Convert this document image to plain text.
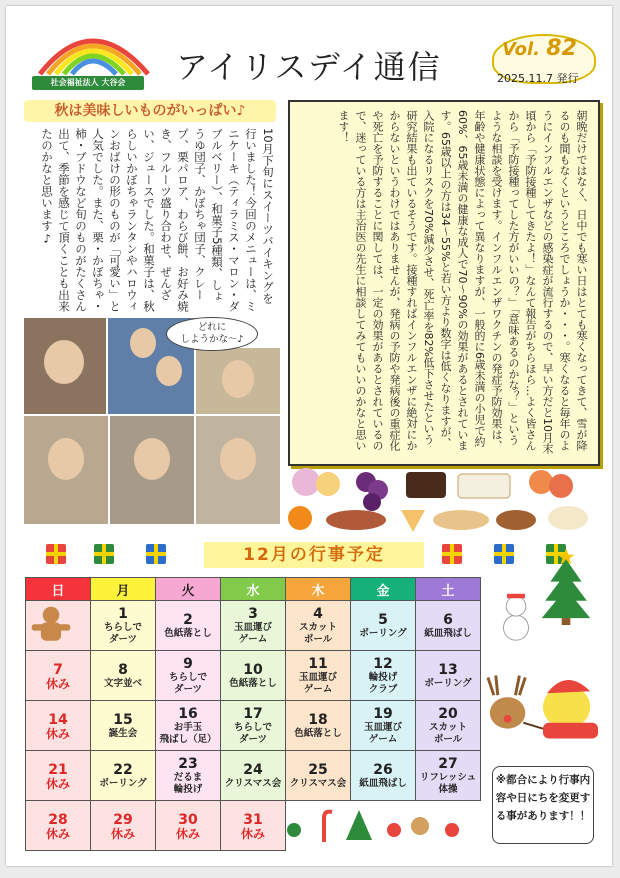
社会福祉法人 大谷会	アイリスデイ通信	Vol. 82
2025.11.7 発行
秋は美味しいものがいっぱい♪
10月下旬にスイーツバイキングを行いました！今回のメニューは、ミニケーキ（ティラミス・マロン・ダブルベリー）、和菓子5種類、しょうゆ団子、かぼちゃ団子、クレープ、栗パロア、わらび餅、お好み焼き、フルーツ盛り合わせ、ぜんざい、ジュースでした。和菓子は、秋らしいかぼちゃランタンやハロウィンおばけの形のものが「可愛い」と人気でした。また、栗・かぼちゃ・柿・ブドウなど旬のものがたくさん出て、季節を感じて頂くことも出来たのかなと思います♪	朝晩だけではなく、日中でも寒い日はとても寒くなってきて、雪が降るのも間もなくというところでしょうか・・・。寒くなると毎年のようにインフルエンザなどの感染症が流行するので、早い方だと10月末頃から「予防接種してきたよ！」なんて報告がちらほら…よく皆さんから「予防接種ってした方がいいの？」「意味あるのかな？」というような相談を受けます。インフルエンザワクチンの発症予防効果は、年齢や健康状態によって異なりますが、一般的に6歳未満の小児で約60%、65歳未満の健康な成人で70～90%の効果があるとされています。65歳以上の方は34～55%と若い方より数字は低くなりますが、入院になるリスクを70%減少させ、死亡率を82%低下させたという研究結果も出ているそうです。接種すればインフルエンザに絶対にかからないというわけではありませんが、発病の予防や発病後の重症化や死亡を予防することに関しては、一定の効果があるとされているので、迷っている方は主治医の先生に相談してみてもいいのかなと思います！
どれに
しようかな～♪
12月の行事予定
日	月	火	水	木	金	土

	1
ちらしで
ダーツ	2
色紙落とし	3
玉皿運び
ゲーム	4
スカット
ボール	5
ボーリング	6
紙皿飛ばし

7
休み	8
文字並べ	9
ちらしで
ダーツ	10
色紙落とし	11
玉皿運び
ゲーム	12
輪投げ
クラブ	13
ボーリング

14
休み	15
誕生会	16
お手玉
飛ばし（足）	17
ちらしで
ダーツ	18
色紙落とし	19
玉皿運び
ゲーム	20
スカット
ボール

21
休み	22
ボーリング	23
だるま
輪投げ	24
クリスマス会	25
クリスマス会	26
紙皿飛ばし	27
リフレッシュ
体操

28
休み	29
休み	30
休み	31
休み			

※都合により行事内容や日にちを変更する事があります！！
